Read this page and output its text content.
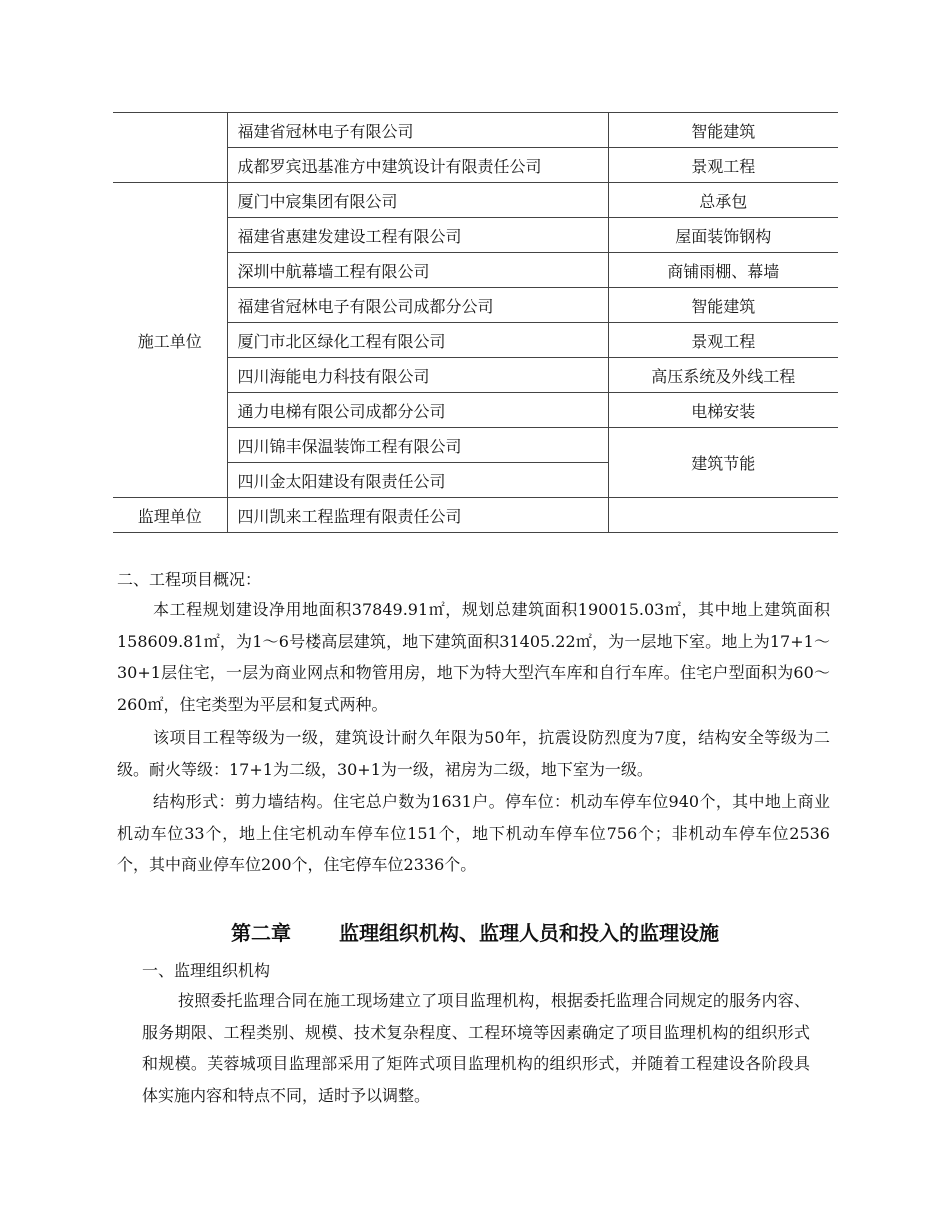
	福建省冠林电子有限公司	智能建筑
	成都罗宾迅基准方中建筑设计有限责任公司	景观工程
施工单位	厦门中宸集团有限公司	总承包
	福建省惠建发建设工程有限公司	屋面装饰钢构
	深圳中航幕墙工程有限公司	商铺雨棚、幕墙
	福建省冠林电子有限公司成都分公司	智能建筑
	厦门市北区绿化工程有限公司	景观工程
	四川海能电力科技有限公司	高压系统及外线工程
	通力电梯有限公司成都分公司	电梯安装
	四川锦丰保温装饰工程有限公司	建筑节能
	四川金太阳建设有限责任公司	
监理单位	四川凯来工程监理有限责任公司	
二、工程项目概况：
本工程规划建设净用地面积37849.91㎡，规划总建筑面积190015.03㎡，其中地上建筑面积158609.81㎡，为1～6号楼高层建筑，地下建筑面积31405.22㎡，为一层地下室。地上为17+1～30+1层住宅，一层为商业网点和物管用房，地下为特大型汽车库和自行车库。住宅户型面积为60～260㎡，住宅类型为平层和复式两种。
该项目工程等级为一级，建筑设计耐久年限为50年，抗震设防烈度为7度，结构安全等级为二级。耐火等级：17+1为二级，30+1为一级，裙房为二级，地下室为一级。
结构形式：剪力墙结构。住宅总户数为1631户。停车位：机动车停车位940个，其中地上商业机动车位33个，地上住宅机动车停车位151个，地下机动车停车位756个；非机动车停车位2536个，其中商业停车位200个，住宅停车位2336个。
第二章 监理组织机构、监理人员和投入的监理设施
一、监理组织机构
按照委托监理合同在施工现场建立了项目监理机构，根据委托监理合同规定的服务内容、服务期限、工程类别、规模、技术复杂程度、工程环境等因素确定了项目监理机构的组织形式和规模。芙蓉城项目监理部采用了矩阵式项目监理机构的组织形式，并随着工程建设各阶段具体实施内容和特点不同，适时予以调整。
